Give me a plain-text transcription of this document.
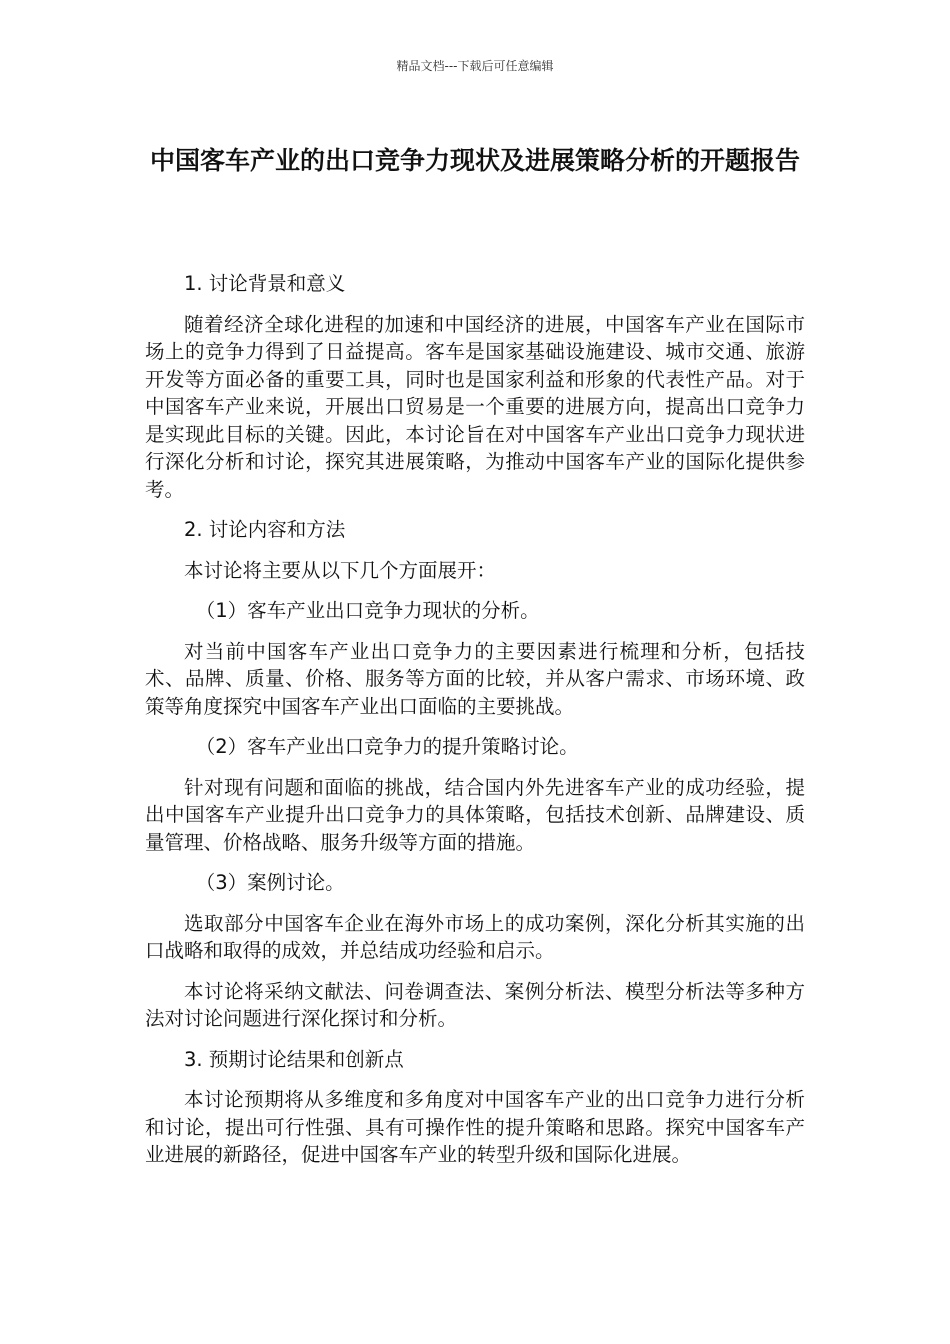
精品文档---下载后可任意编辑
中国客车产业的出口竞争力现状及进展策略分析的开题报告

1. 讨论背景和意义

随着经济全球化进程的加速和中国经济的进展，中国客车产业在国际市场上的竞争力得到了日益提高。客车是国家基础设施建设、城市交通、旅游开发等方面必备的重要工具，同时也是国家利益和形象的代表性产品。对于中国客车产业来说，开展出口贸易是一个重要的进展方向，提高出口竞争力是实现此目标的关键。因此，本讨论旨在对中国客车产业出口竞争力现状进行深化分析和讨论，探究其进展策略，为推动中国客车产业的国际化提供参考。

2. 讨论内容和方法

本讨论将主要从以下几个方面展开：

（1）客车产业出口竞争力现状的分析。

对当前中国客车产业出口竞争力的主要因素进行梳理和分析，包括技术、品牌、质量、价格、服务等方面的比较，并从客户需求、市场环境、政策等角度探究中国客车产业出口面临的主要挑战。

（2）客车产业出口竞争力的提升策略讨论。

针对现有问题和面临的挑战，结合国内外先进客车产业的成功经验，提出中国客车产业提升出口竞争力的具体策略，包括技术创新、品牌建设、质量管理、价格战略、服务升级等方面的措施。

（3）案例讨论。

选取部分中国客车企业在海外市场上的成功案例，深化分析其实施的出口战略和取得的成效，并总结成功经验和启示。

本讨论将采纳文献法、问卷调查法、案例分析法、模型分析法等多种方法对讨论问题进行深化探讨和分析。

3. 预期讨论结果和创新点

本讨论预期将从多维度和多角度对中国客车产业的出口竞争力进行分析和讨论，提出可行性强、具有可操作性的提升策略和思路。探究中国客车产业进展的新路径，促进中国客车产业的转型升级和国际化进展。
